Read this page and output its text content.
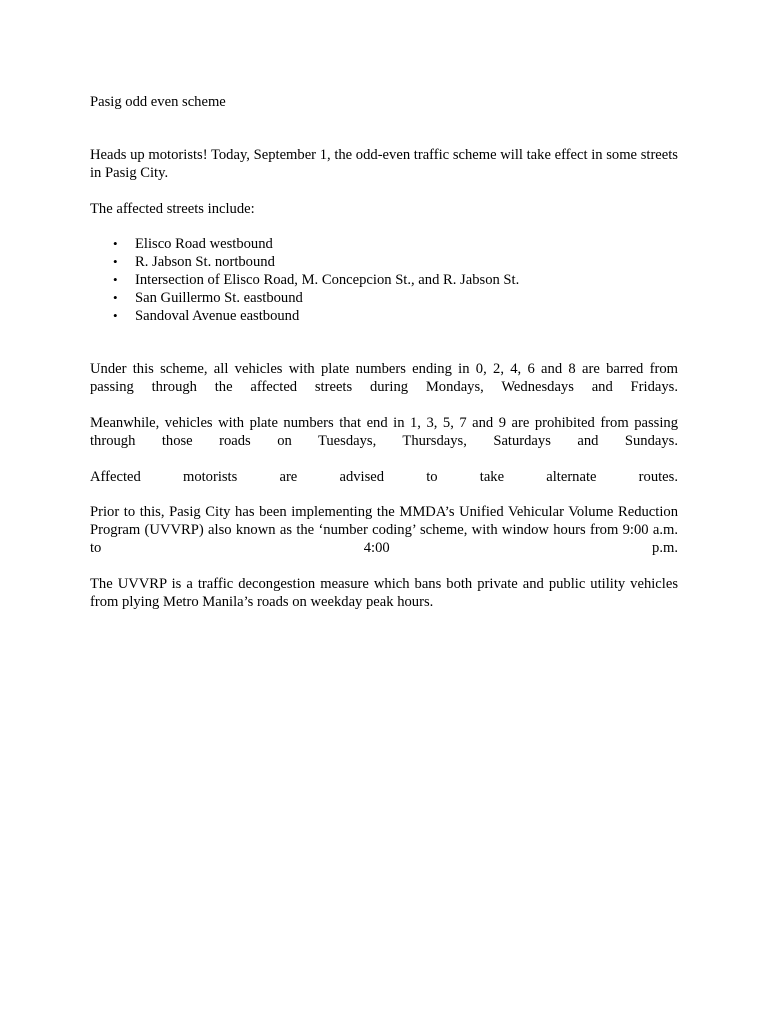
Pasig odd even scheme

Heads up motorists! Today, September 1, the odd-even traffic scheme will take effect in some streets in Pasig City.

The affected streets include:

• Elisco Road westbound
• R. Jabson St. nortbound
• Intersection of Elisco Road, M. Concepcion St., and R. Jabson St.
• San Guillermo St. eastbound
• Sandoval Avenue eastbound

Under this scheme, all vehicles with plate numbers ending in 0, 2, 4, 6 and 8 are barred from passing through the affected streets during Mondays, Wednesdays and Fridays.

Meanwhile, vehicles with plate numbers that end in 1, 3, 5, 7 and 9 are prohibited from passing through those roads on Tuesdays, Thursdays, Saturdays and Sundays.

Affected motorists are advised to take alternate routes.

Prior to this, Pasig City has been implementing the MMDA’s Unified Vehicular Volume Reduction Program (UVVRP) also known as the ‘number coding’ scheme, with window hours from 9:00 a.m. to 4:00 p.m.

The UVVRP is a traffic decongestion measure which bans both private and public utility vehicles from plying Metro Manila’s roads on weekday peak hours.
